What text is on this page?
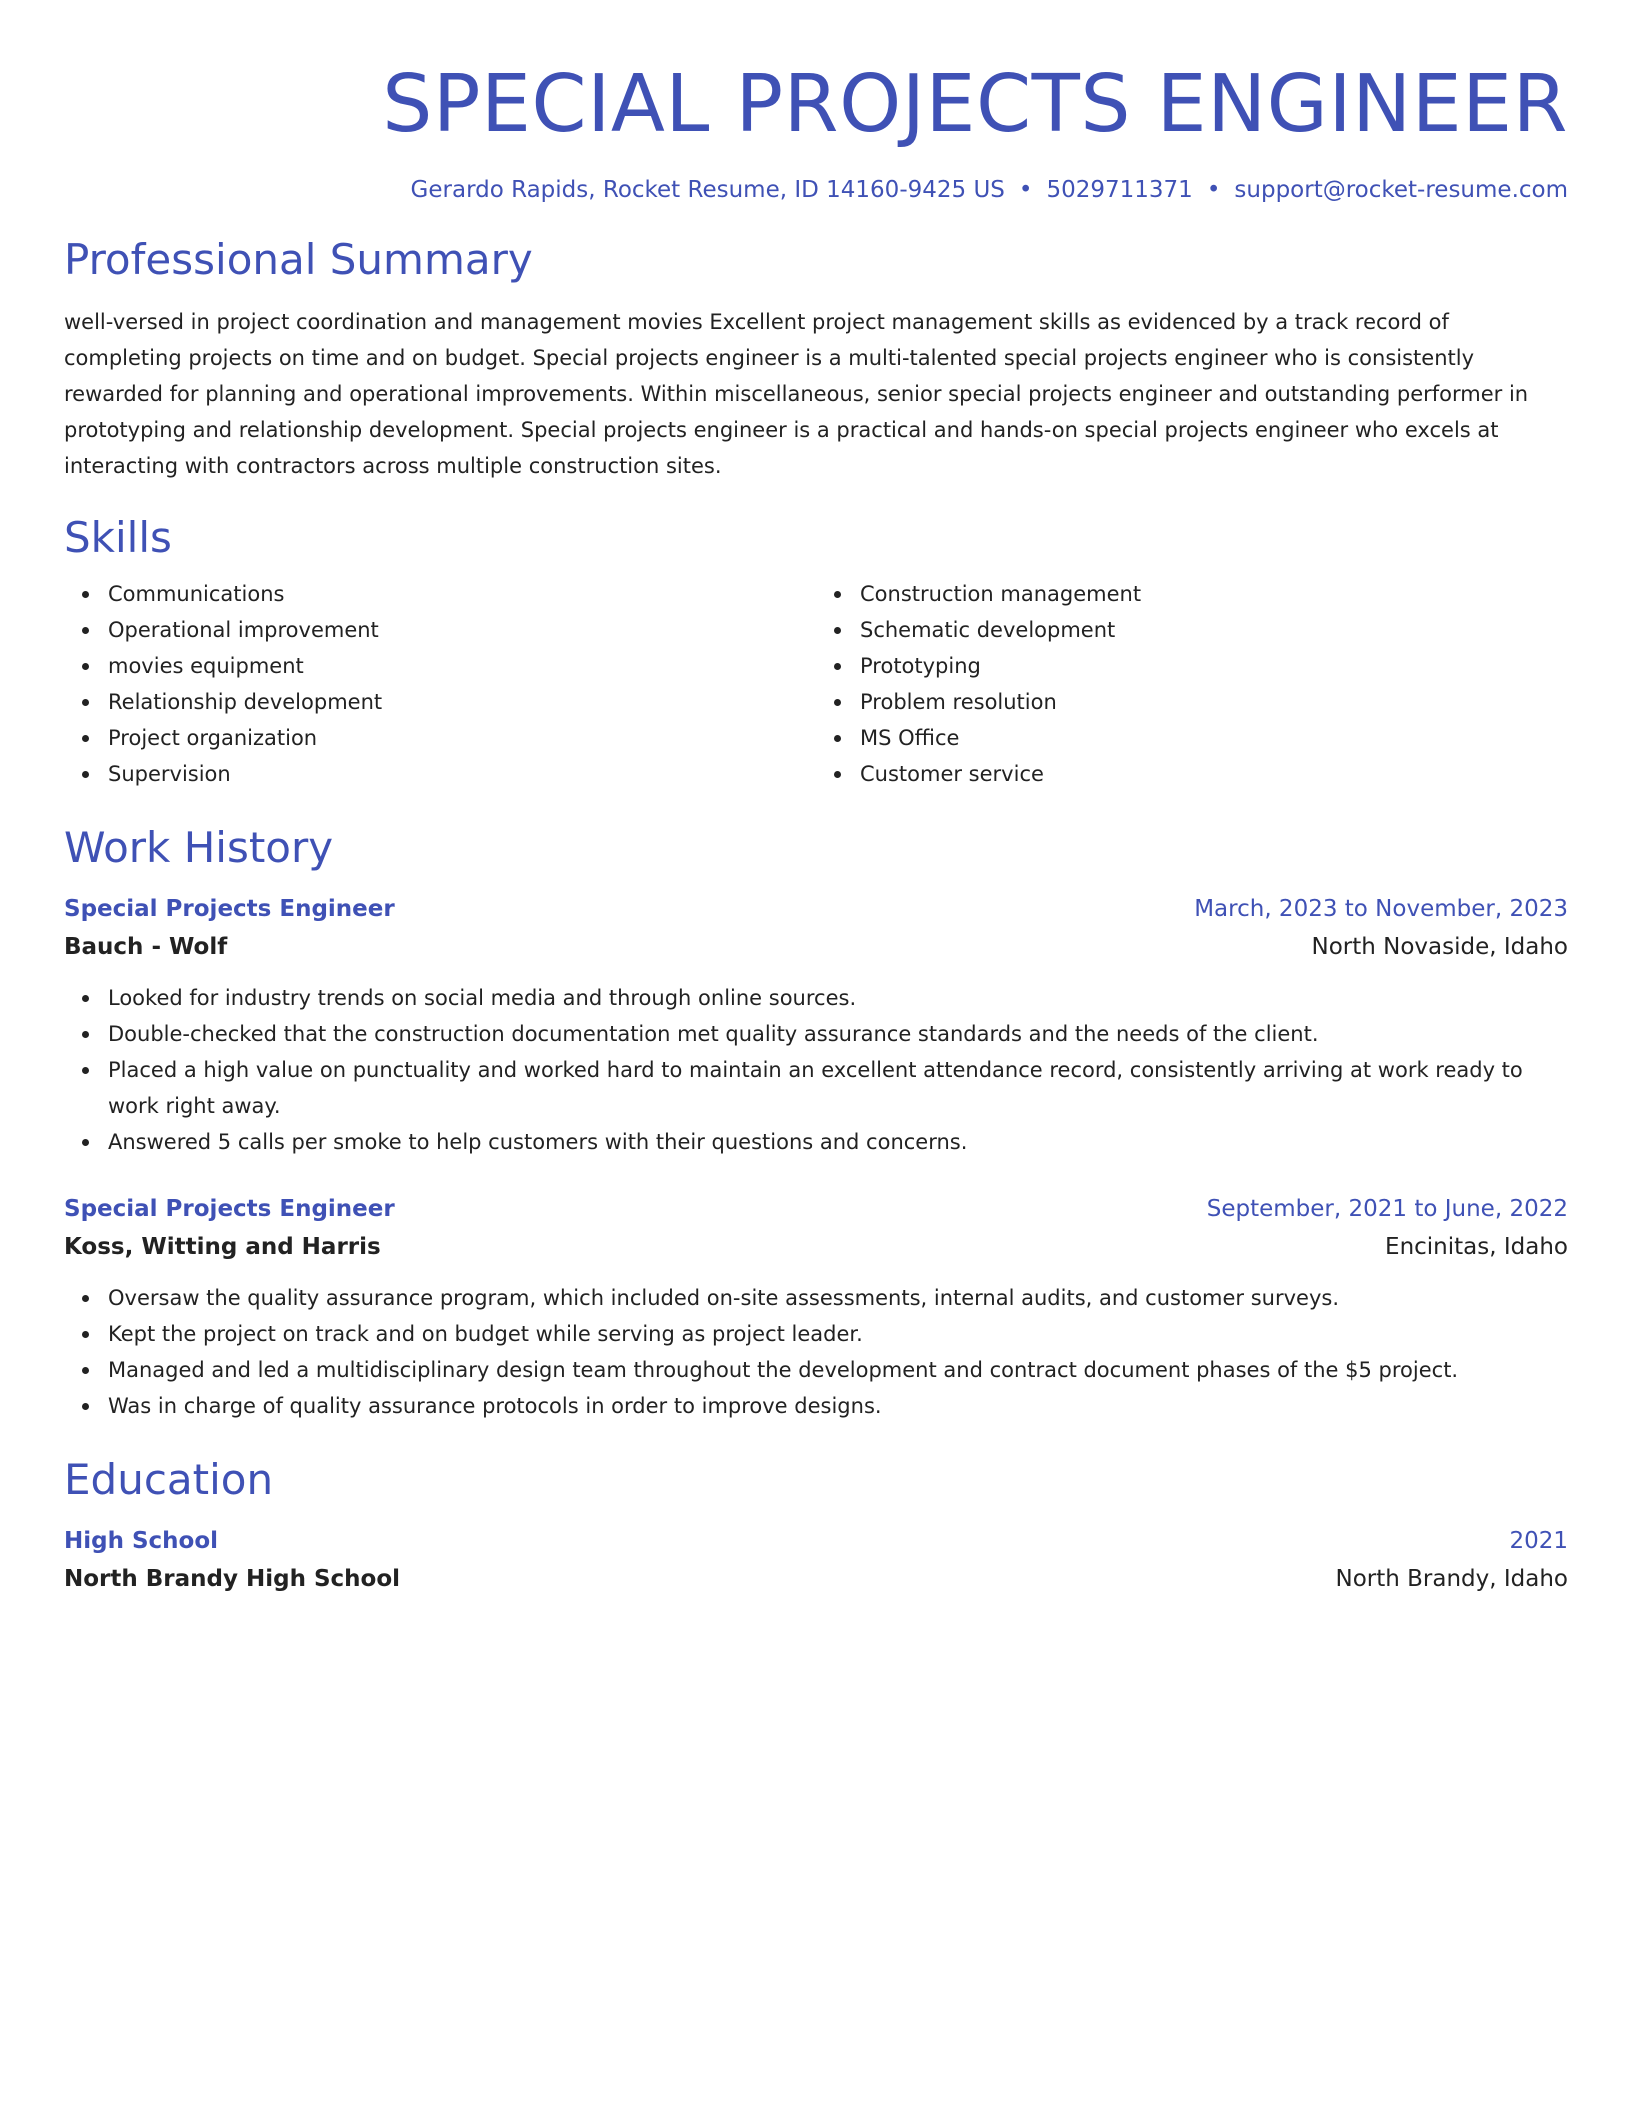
SPECIAL PROJECTS ENGINEER
Gerardo Rapids, Rocket Resume, ID 14160-9425 US • 5029711371 • support@rocket-resume.com
Professional Summary

well-versed in project coordination and management movies Excellent project management skills as evidenced by a track record of completing projects on time and on budget. Special projects engineer is a multi-talented special projects engineer who is consistently rewarded for planning and operational improvements. Within miscellaneous, senior special projects engineer and outstanding performer in prototyping and relationship development. Special projects engineer is a practical and hands-on special projects engineer who excels at interacting with contractors across multiple construction sites.

Skills
Communications
Operational improvement
movies equipment
Relationship development
Project organization
Supervision
Construction management
Schematic development
Prototyping
Problem resolution
MS Office
Customer service
Work History
Special Projects Engineer	March, 2023 to November, 2023
Bauch - Wolf	North Novaside, Idaho
Looked for industry trends on social media and through online sources.
Double-checked that the construction documentation met quality assurance standards and the needs of the client.
Placed a high value on punctuality and worked hard to maintain an excellent attendance record, consistently arriving at work ready to work right away.
Answered 5 calls per smoke to help customers with their questions and concerns.
Special Projects Engineer	September, 2021 to June, 2022
Koss, Witting and Harris	Encinitas, Idaho
Oversaw the quality assurance program, which included on-site assessments, internal audits, and customer surveys.
Kept the project on track and on budget while serving as project leader.
Managed and led a multidisciplinary design team throughout the development and contract document phases of the $5 project.
Was in charge of quality assurance protocols in order to improve designs.
Education
High School	2021
North Brandy High School	North Brandy, Idaho
